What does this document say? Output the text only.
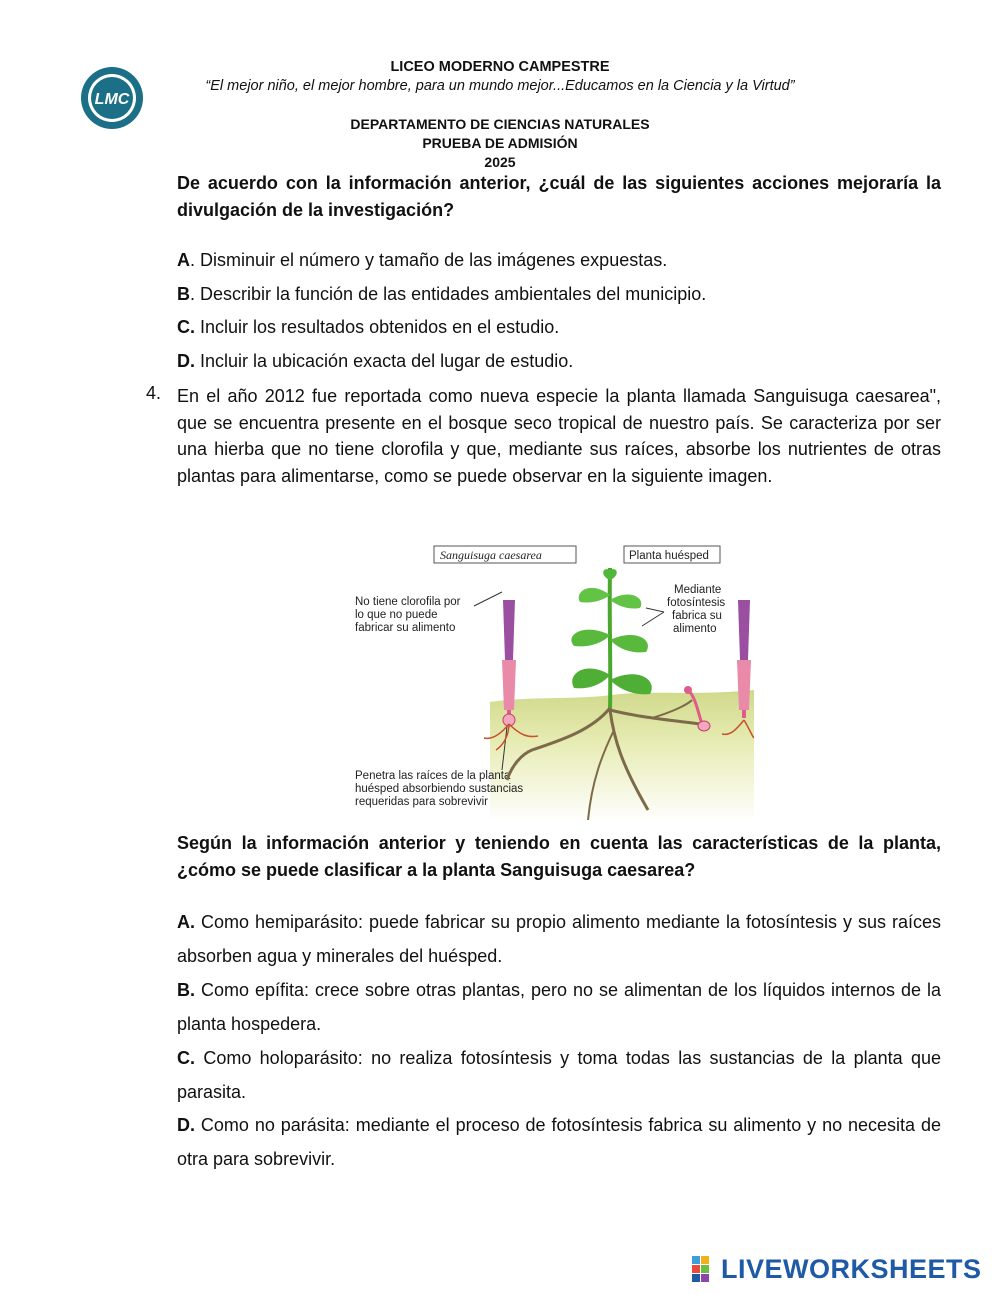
LMC
LICEO MODERNO CAMPESTRE
“El mejor niño, el mejor hombre, para un mundo mejor...Educamos en la Ciencia y la Virtud”
DEPARTAMENTO DE CIENCIAS NATURALES
PRUEBA DE ADMISIÓN
2025
De acuerdo con la información anterior, ¿cuál de las siguientes acciones mejoraría la divulgación de la investigación?
A. Disminuir el número y tamaño de las imágenes expuestas.
B. Describir la función de las entidades ambientales del municipio.
C. Incluir los resultados obtenidos en el estudio.
D. Incluir la ubicación exacta del lugar de estudio.
4. En el año 2012 fue reportada como nueva especie la planta llamada Sanguisuga caesarea", que se encuentra presente en el bosque seco tropical de nuestro país. Se caracteriza por ser una hierba que no tiene clorofila y que, mediante sus raíces, absorbe los nutrientes de otras plantas para alimentarse, como se puede observar en la siguiente imagen.
Sanguisuga caesarea	Planta huésped
No tiene clorofila por
lo que no puede
fabricar su alimento
Mediante
fotosíntesis
fabrica su
alimento
Penetra las raíces de la planta
huésped absorbiendo sustancias
requeridas para sobrevivir
Según la información anterior y teniendo en cuenta las características de la planta, ¿cómo se puede clasificar a la planta Sanguisuga caesarea?
A. Como hemiparásito: puede fabricar su propio alimento mediante la fotosíntesis y sus raíces absorben agua y minerales del huésped.
B. Como epífita: crece sobre otras plantas, pero no se alimentan de los líquidos internos de la planta hospedera.
C. Como holoparásito: no realiza fotosíntesis y toma todas las sustancias de la planta que parasita.
D. Como no parásita: mediante el proceso de fotosíntesis fabrica su alimento y no necesita de otra para sobrevivir.
LIVEWORKSHEETS
